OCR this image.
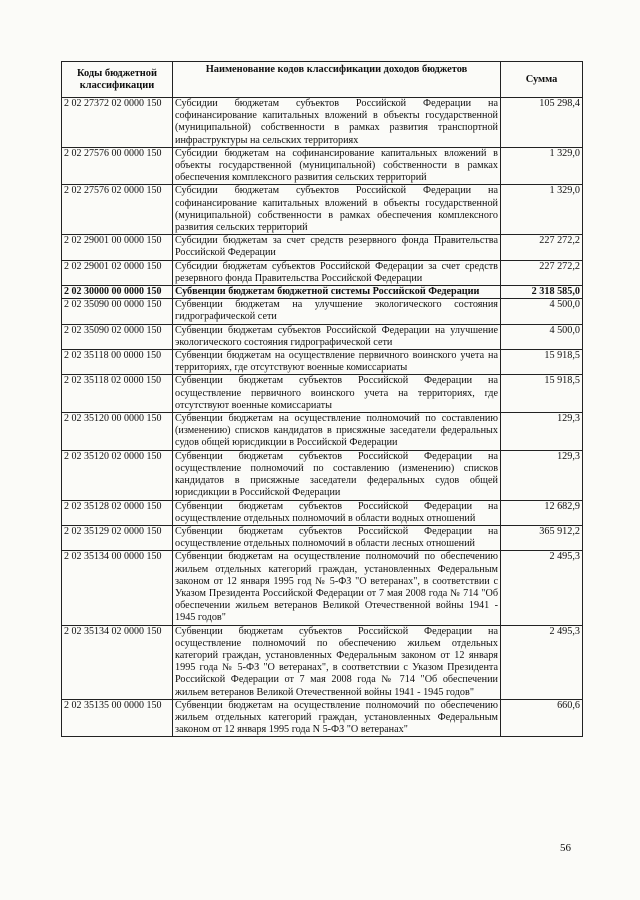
Коды бюджетной классификации	Наименование кодов классификации доходов бюджетов	Сумма
2 02 27372 02 0000 150	Субсидии бюджетам субъектов Российской Федерации на софинансирование капитальных вложений в объекты государственной (муниципальной) собственности в рамках развития транспортной инфраструктуры на сельских территориях	105 298,4
2 02 27576 00 0000 150	Субсидии бюджетам на софинансирование капитальных вложений в объекты государственной (муниципальной) собственности в рамках обеспечения комплексного развития сельских территорий	1 329,0
2 02 27576 02 0000 150	Субсидии бюджетам субъектов Российской Федерации на софинансирование капитальных вложений в объекты государственной (муниципальной) собственности в рамках обеспечения комплексного развития сельских территорий	1 329,0
2 02 29001 00 0000 150	Субсидии бюджетам за счет средств резервного фонда Правительства Российской Федерации	227 272,2
2 02 29001 02 0000 150	Субсидии бюджетам субъектов Российской Федерации за счет средств резервного фонда Правительства Российской Федерации	227 272,2
2 02 30000 00 0000 150	Субвенции бюджетам бюджетной системы Российской Федерации	2 318 585,0
2 02 35090 00 0000 150	Субвенции бюджетам на улучшение экологического состояния гидрографической сети	4 500,0
2 02 35090 02 0000 150	Субвенции бюджетам субъектов Российской Федерации на улучшение экологического состояния гидрографической сети	4 500,0
2 02 35118 00 0000 150	Субвенции бюджетам на осуществление первичного воинского учета на территориях, где отсутствуют военные комиссариаты	15 918,5
2 02 35118 02 0000 150	Субвенции бюджетам субъектов Российской Федерации на осуществление первичного воинского учета на территориях, где отсутствуют военные комиссариаты	15 918,5
2 02 35120 00 0000 150	Субвенции бюджетам на осуществление полномочий по составлению (изменению) списков кандидатов в присяжные заседатели федеральных судов общей юрисдикции в Российской Федерации	129,3
2 02 35120 02 0000 150	Субвенции бюджетам субъектов Российской Федерации на осуществление полномочий по составлению (изменению) списков кандидатов в присяжные заседатели федеральных судов общей юрисдикции в Российской Федерации	129,3
2 02 35128 02 0000 150	Субвенции бюджетам субъектов Российской Федерации на осуществление отдельных полномочий в области водных отношений	12 682,9
2 02 35129 02 0000 150	Субвенции бюджетам субъектов Российской Федерации на осуществление отдельных полномочий в области лесных отношений	365 912,2
2 02 35134 00 0000 150	Субвенции бюджетам на осуществление полномочий по обеспечению жильем отдельных категорий граждан, установленных Федеральным законом от 12 января 1995 год № 5-ФЗ "О ветеранах", в соответствии с Указом Президента Российской Федерации от 7 мая 2008 года № 714 "Об обеспечении жильем ветеранов Великой Отечественной войны 1941 - 1945 годов"	2 495,3
2 02 35134 02 0000 150	Субвенции бюджетам субъектов Российской Федерации на осуществление полномочий по обеспечению жильем отдельных категорий граждан, установленных Федеральным законом от 12 января 1995 года № 5-ФЗ "О ветеранах", в соответствии с Указом Президента Российской Федерации от 7 мая 2008 года № 714 "Об обеспечении жильем ветеранов Великой Отечественной войны 1941 - 1945 годов"	2 495,3
2 02 35135 00 0000 150	Субвенции бюджетам на осуществление полномочий по обеспечению жильем отдельных категорий граждан, установленных Федеральным законом от 12 января 1995 года N 5-ФЗ "О ветеранах"	660,6
56
